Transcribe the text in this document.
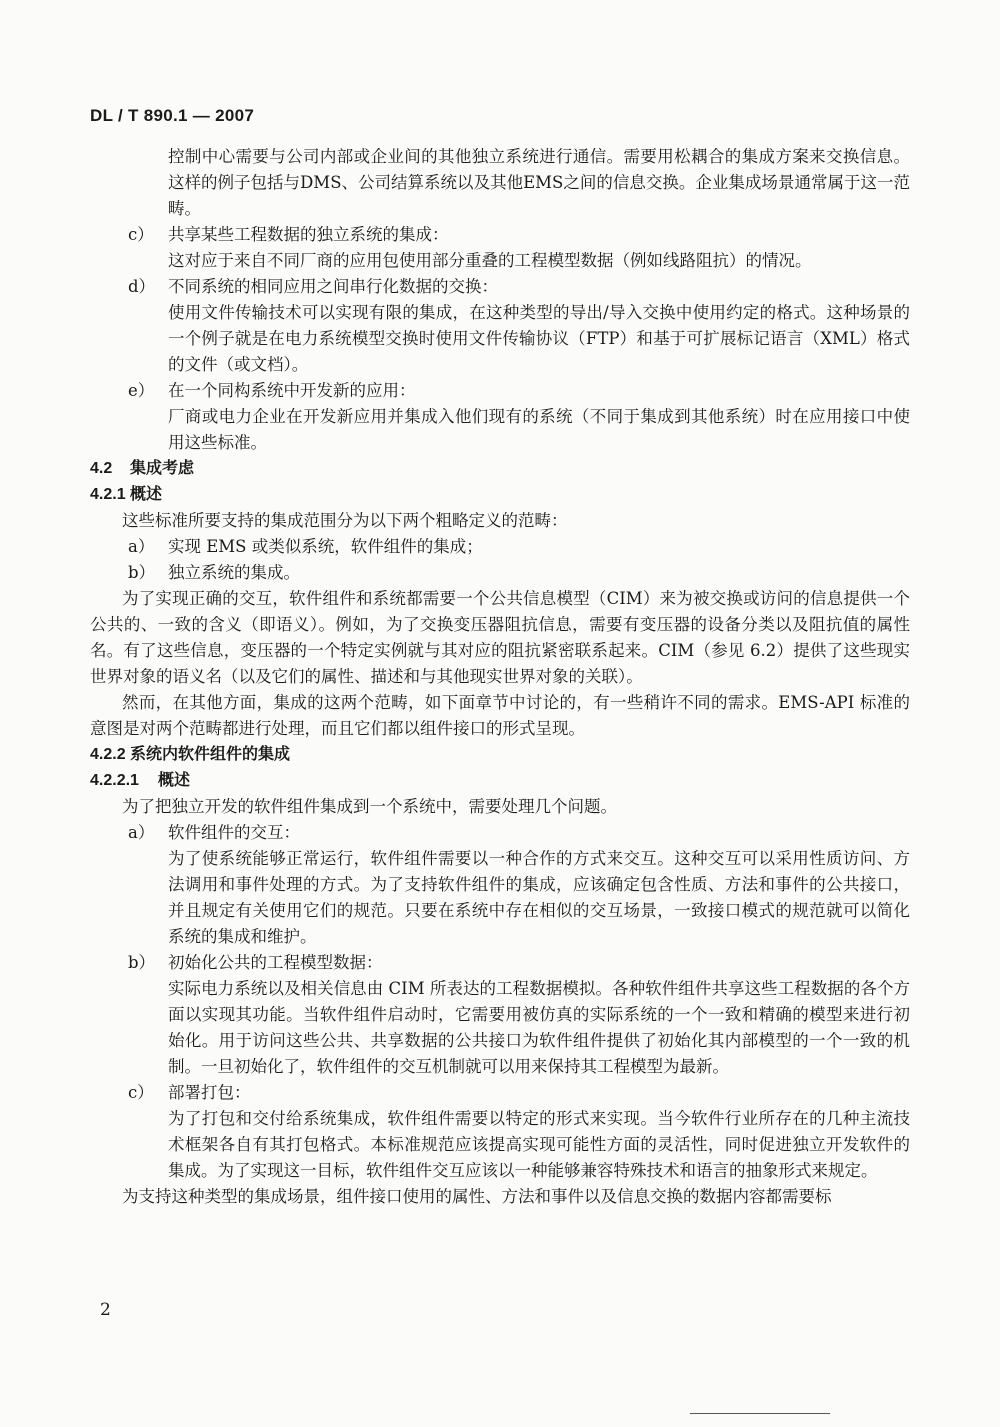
DL / T 890.1 — 2007

控制中心需要与公司内部或企业间的其他独立系统进行通信。需要用松耦合的集成方案来交换信息。这样的例子包括与DMS、公司结算系统以及其他EMS之间的信息交换。企业集成场景通常属于这一范畴。

c） 共享某些工程数据的独立系统的集成：

这对应于来自不同厂商的应用包使用部分重叠的工程模型数据（例如线路阻抗）的情况。

d） 不同系统的相同应用之间串行化数据的交换：

使用文件传输技术可以实现有限的集成，在这种类型的导出/导入交换中使用约定的格式。这种场景的一个例子就是在电力系统模型交换时使用文件传输协议（FTP）和基于可扩展标记语言（XML）格式的文件（或文档）。

e） 在一个同构系统中开发新的应用：

厂商或电力企业在开发新应用并集成入他们现有的系统（不同于集成到其他系统）时在应用接口中使用这些标准。

4.2 集成考虑
4.2.1 概述

这些标准所要支持的集成范围分为以下两个粗略定义的范畴：

a） 实现 EMS 或类似系统，软件组件的集成；
b） 独立系统的集成。

为了实现正确的交互，软件组件和系统都需要一个公共信息模型（CIM）来为被交换或访问的信息提供一个公共的、一致的含义（即语义）。例如，为了交换变压器阻抗信息，需要有变压器的设备分类以及阻抗值的属性名。有了这些信息，变压器的一个特定实例就与其对应的阻抗紧密联系起来。CIM（参见 6.2）提供了这些现实世界对象的语义名（以及它们的属性、描述和与其他现实世界对象的关联）。

然而，在其他方面，集成的这两个范畴，如下面章节中讨论的，有一些稍许不同的需求。EMS-API 标准的意图是对两个范畴都进行处理，而且它们都以组件接口的形式呈现。

4.2.2 系统内软件组件的集成
4.2.2.1 概述

为了把独立开发的软件组件集成到一个系统中，需要处理几个问题。

a） 软件组件的交互：

为了使系统能够正常运行，软件组件需要以一种合作的方式来交互。这种交互可以采用性质访问、方法调用和事件处理的方式。为了支持软件组件的集成，应该确定包含性质、方法和事件的公共接口，并且规定有关使用它们的规范。只要在系统中存在相似的交互场景，一致接口模式的规范就可以简化系统的集成和维护。

b） 初始化公共的工程模型数据：

实际电力系统以及相关信息由 CIM 所表达的工程数据模拟。各种软件组件共享这些工程数据的各个方面以实现其功能。当软件组件启动时，它需要用被仿真的实际系统的一个一致和精确的模型来进行初始化。用于访问这些公共、共享数据的公共接口为软件组件提供了初始化其内部模型的一个一致的机制。一旦初始化了，软件组件的交互机制就可以用来保持其工程模型为最新。

c） 部署打包：

为了打包和交付给系统集成，软件组件需要以特定的形式来实现。当今软件行业所存在的几种主流技术框架各自有其打包格式。本标准规范应该提高实现可能性方面的灵活性，同时促进独立开发软件的集成。为了实现这一目标，软件组件交互应该以一种能够兼容特殊技术和语言的抽象形式来规定。

为支持这种类型的集成场景，组件接口使用的属性、方法和事件以及信息交换的数据内容都需要标

2
